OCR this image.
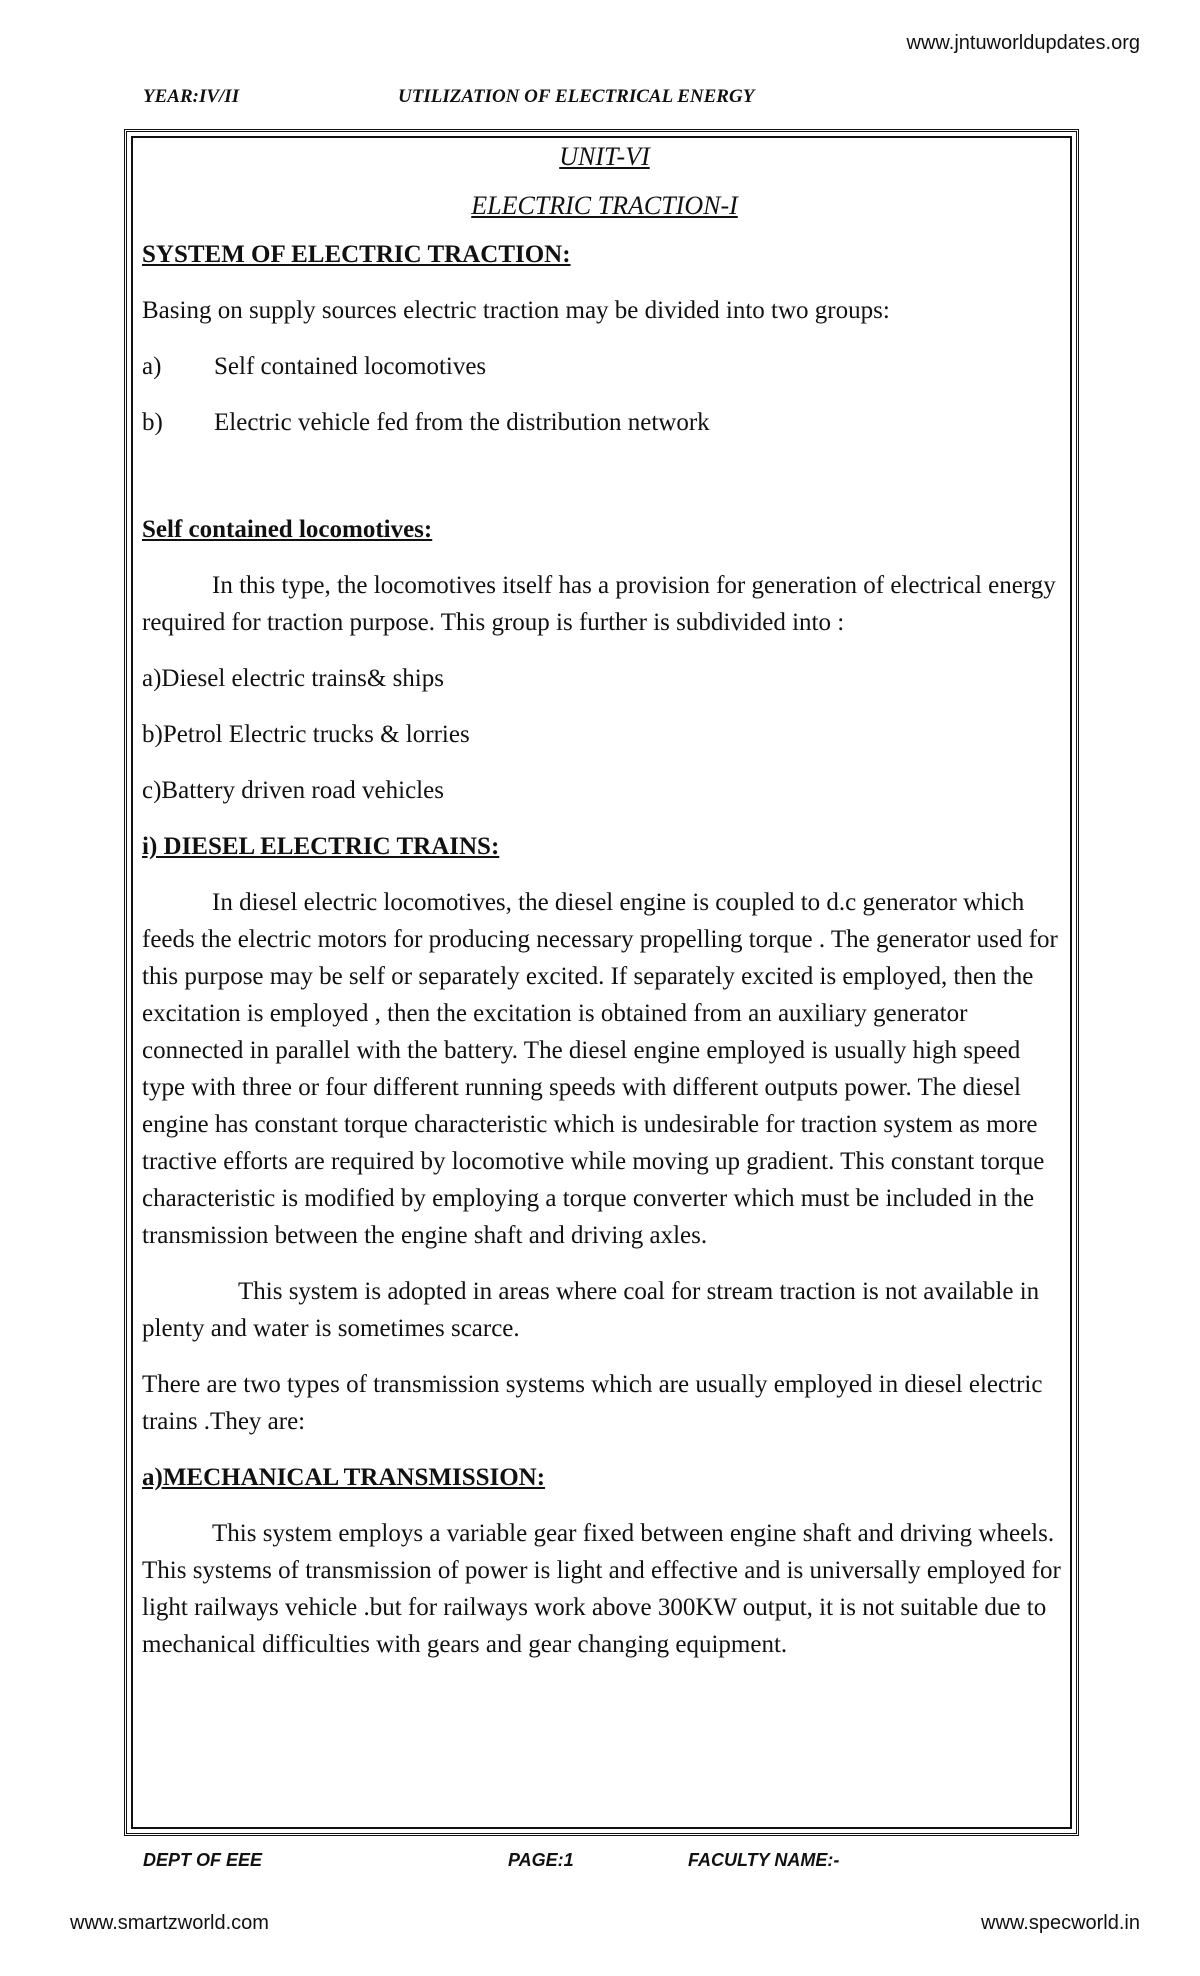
www.jntuworldupdates.org
YEAR:IV/II	UTILIZATION OF ELECTRICAL ENERGY

UNIT-VI

ELECTRIC TRACTION-I

SYSTEM OF ELECTRIC TRACTION:

Basing on supply sources electric traction may be divided into two groups:

a)	Self contained locomotives
b)	Electric vehicle fed from the distribution network

Self contained locomotives:

In this type, the locomotives itself has a provision for generation of electrical energy required for traction purpose. This group is further is subdivided into :

a)Diesel electric trains& ships

b)Petrol Electric trucks & lorries

c)Battery driven road vehicles

i) DIESEL ELECTRIC TRAINS:

In diesel electric locomotives, the diesel engine is coupled to d.c generator which feeds the electric motors for producing necessary propelling torque . The generator used for this purpose may be self or separately excited. If separately excited is employed, then the excitation is employed , then the excitation is obtained from an auxiliary generator connected in parallel with the battery. The diesel engine employed is usually high speed type with three or four different running speeds with different outputs power. The diesel engine has constant torque characteristic which is undesirable for traction system as more tractive efforts are required by locomotive while moving up gradient. This constant torque characteristic is modified by employing a torque converter which must be included in the transmission between the engine shaft and driving axles.

This system is adopted in areas where coal for stream traction is not available in plenty and water is sometimes scarce.

There are two types of transmission systems which are usually employed in diesel electric trains .They are:

a)MECHANICAL TRANSMISSION:

This system employs a variable gear fixed between engine shaft and driving wheels. This systems of transmission of power is light and effective and is universally employed for light railways vehicle .but for railways work above 300KW output, it is not suitable due to mechanical difficulties with gears and gear changing equipment.

DEPT OF EEE	PAGE:1	FACULTY NAME:-
www.smartzworld.com	www.specworld.in
